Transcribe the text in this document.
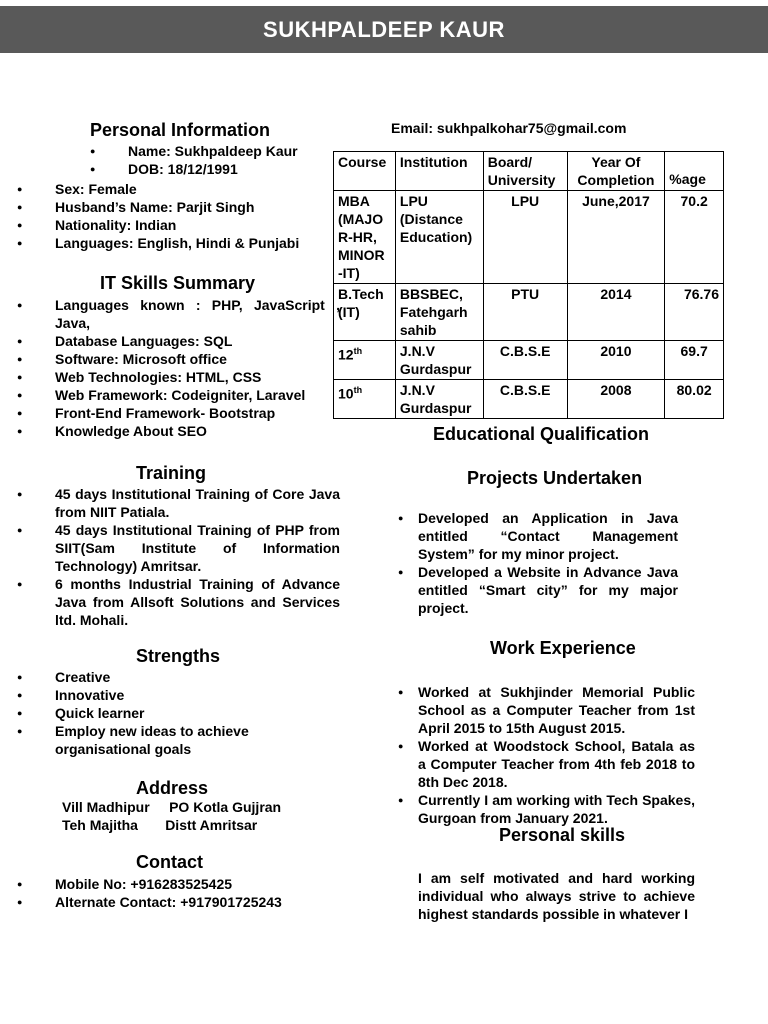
SUKHPALDEEP KAUR
Personal Information
● Name: Sukhpaldeep Kaur
● DOB: 18/12/1991
● Sex: Female
● Husband’s Name: Parjit Singh
● Nationality: Indian
● Languages: English, Hindi & Punjabi
IT Skills Summary
● Languages known : PHP, JavaScript , Java,
● Database Languages: SQL
● Software: Microsoft office
● Web Technologies: HTML, CSS
● Web Framework: Codeigniter, Laravel
● Front-End Framework- Bootstrap
● Knowledge About SEO
Training
● 45 days Institutional Training of Core Java from NIIT Patiala.
● 45 days Institutional Training of PHP from SIIT(Sam Institute of Information Technology) Amritsar.
● 6 months Industrial Training of Advance Java from Allsoft Solutions and Services ltd. Mohali.
Strengths
● Creative
● Innovative
● Quick learner
● Employ new ideas to achieve organisational goals
Address
Vill Madhipur     PO Kotla Gujjran
Teh Majitha       Distt Amritsar
Contact
● Mobile No: +916283525425
● Alternate Contact: +917901725243
Email: sukhpalkohar75@gmail.com
Course	Institution	Board/ University	Year Of Completion	%age
MBA (MAJO R-HR, MINOR -IT)	LPU (Distance Education)	LPU	June,2017	70.2
B.Tech (IT)	BBSBEC, Fatehgarh sahib	PTU	2014	76.76
12th	J.N.V Gurdaspur	C.B.S.E	2010	69.7
10th	J.N.V Gurdaspur	C.B.S.E	2008	80.02
Educational Qualification
Projects Undertaken
● Developed an Application in Java entitled “Contact Management System” for my minor project.
● Developed a Website in Advance Java entitled “Smart city” for my major project.
Work Experience
● Worked at Sukhjinder Memorial Public School as a Computer Teacher from 1st April 2015 to 15th August 2015.
● Worked at Woodstock School, Batala as a Computer Teacher from 4th feb 2018 to 8th Dec 2018.
● Currently I am working with Tech Spakes, Gurgoan from January 2021.
Personal skills
I am self motivated and hard working individual who always strive to achieve highest standards possible in whatever I
